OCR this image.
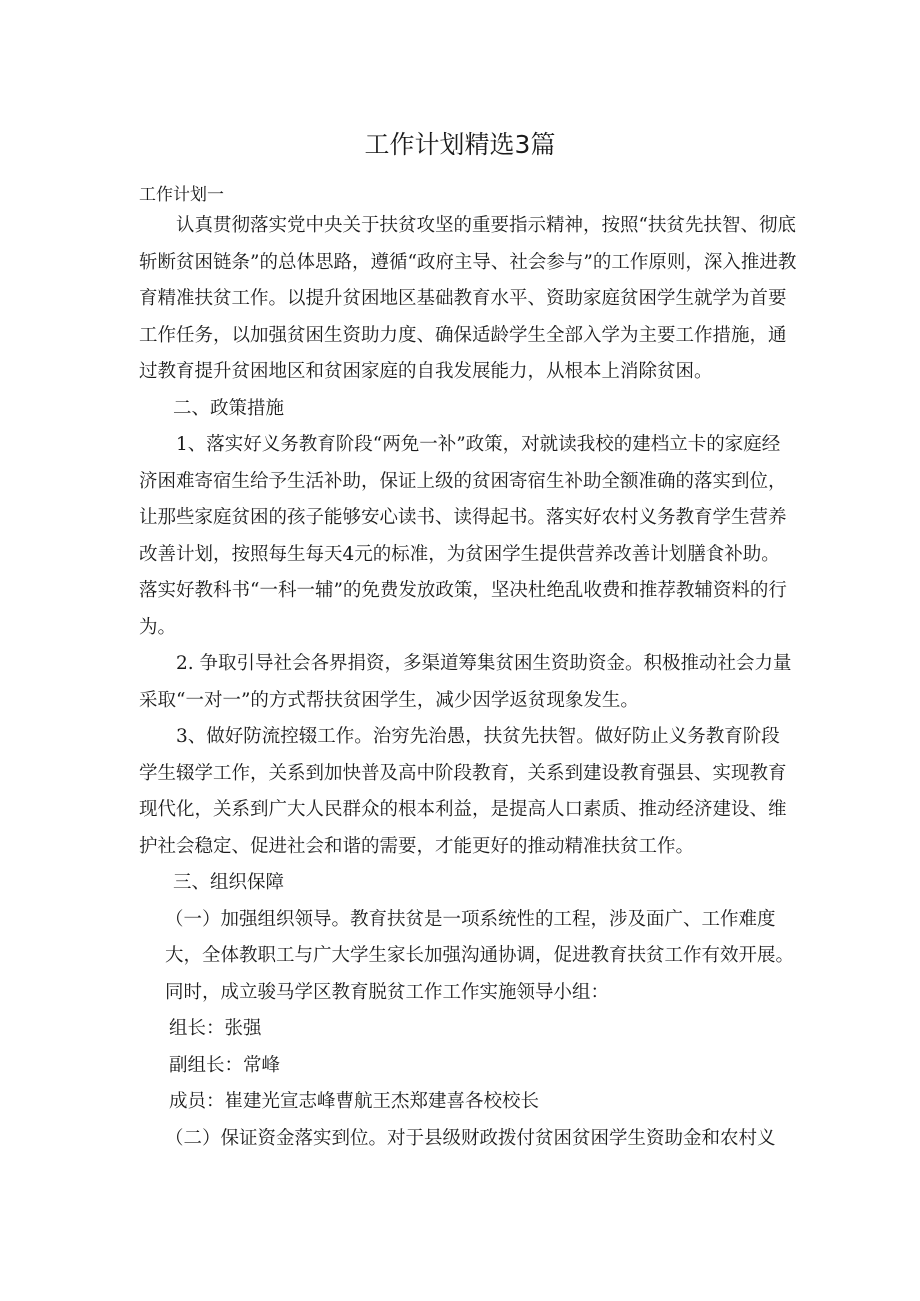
工作计划精选3篇
工作计划一

认真贯彻落实党中央关于扶贫攻坚的重要指示精神，按照“扶贫先扶智、彻底斩断贫困链条”的总体思路，遵循“政府主导、社会参与”的工作原则，深入推进教育精准扶贫工作。以提升贫困地区基础教育水平、资助家庭贫困学生就学为首要工作任务，以加强贫困生资助力度、确保适龄学生全部入学为主要工作措施，通过教育提升贫困地区和贫困家庭的自我发展能力，从根本上消除贫困。

二、政策措施

1、落实好义务教育阶段“两免一补”政策，对就读我校的建档立卡的家庭经济困难寄宿生给予生活补助，保证上级的贫困寄宿生补助全额准确的落实到位，让那些家庭贫困的孩子能够安心读书、读得起书。落实好农村义务教育学生营养改善计划，按照每生每天4元的标准，为贫困学生提供营养改善计划膳食补助。落实好教科书“一科一辅”的免费发放政策，坚决杜绝乱收费和推荐教辅资料的行为。

2. 争取引导社会各界捐资，多渠道筹集贫困生资助资金。积极推动社会力量采取“一对一”的方式帮扶贫困学生，减少因学返贫现象发生。

3、做好防流控辍工作。治穷先治愚，扶贫先扶智。做好防止义务教育阶段学生辍学工作，关系到加快普及高中阶段教育，关系到建设教育强县、实现教育现代化，关系到广大人民群众的根本利益，是提高人口素质、推动经济建设、维护社会稳定、促进社会和谐的需要，才能更好的推动精准扶贫工作。

三、组织保障

（一）加强组织领导。教育扶贫是一项系统性的工程，涉及面广、工作难度大，全体教职工与广大学生家长加强沟通协调，促进教育扶贫工作有效开展。同时，成立骏马学区教育脱贫工作工作实施领导小组：

组长：张强

副组长：常峰

成员：崔建光宣志峰曹航王杰郑建喜各校校长

（二）保证资金落实到位。对于县级财政拨付贫困贫困学生资助金和农村义
